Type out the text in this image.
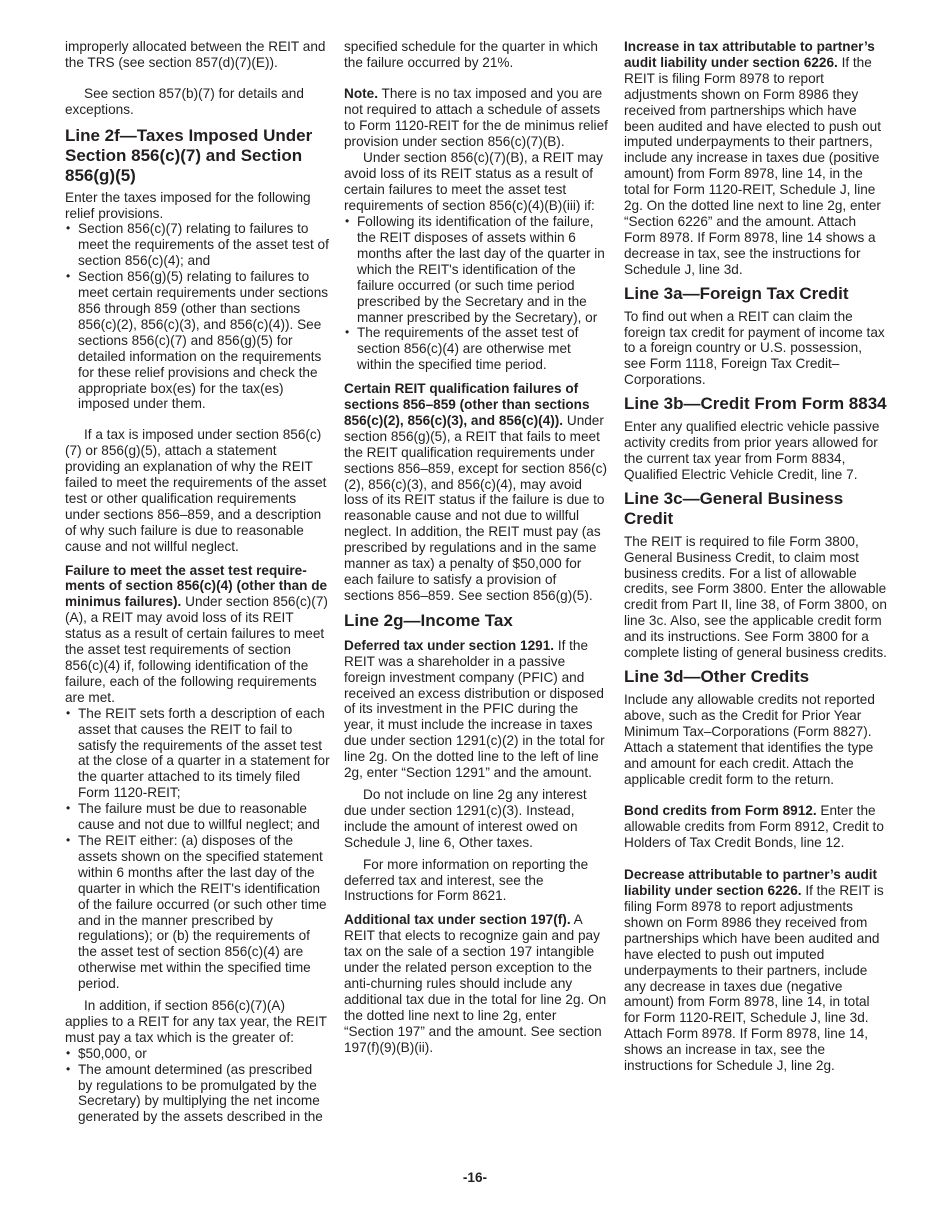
improperly allocated between the REIT and the TRS (see section 857(d)(7)(E)).

See section 857(b)(7) for details and exceptions.

Line 2f—Taxes Imposed Under Section 856(c)(7) and Section 856(g)(5)

Enter the taxes imposed for the following relief provisions.

• Section 856(c)(7) relating to failures to meet the requirements of the asset test of section 856(c)(4); and

• Section 856(g)(5) relating to failures to meet certain requirements under sections 856 through 859 (other than sections 856(c)(2), 856(c)(3), and 856(c)(4)). See sections 856(c)(7) and 856(g)(5) for detailed information on the requirements for these relief provisions and check the appropriate box(es) for the tax(es) imposed under them.

If a tax is imposed under section 856(c)(7) or 856(g)(5), attach a statement providing an explanation of why the REIT failed to meet the requirements of the asset test or other qualification requirements under sections 856–859, and a description of why such failure is due to reasonable cause and not willful neglect.

Failure to meet the asset test requirements of section 856(c)(4) (other than de minimus failures). Under section 856(c)(7)(A), a REIT may avoid loss of its REIT status as a result of certain failures to meet the asset test requirements of section 856(c)(4) if, following identification of the failure, each of the following requirements are met.

• The REIT sets forth a description of each asset that causes the REIT to fail to satisfy the requirements of the asset test at the close of a quarter in a statement for the quarter attached to its timely filed Form 1120-REIT;

• The failure must be due to reasonable cause and not due to willful neglect; and

• The REIT either: (a) disposes of the assets shown on the specified statement within 6 months after the last day of the quarter in which the REIT's identification of the failure occurred (or such other time and in the manner prescribed by regulations); or (b) the requirements of the asset test of section 856(c)(4) are otherwise met within the specified time period.

In addition, if section 856(c)(7)(A) applies to a REIT for any tax year, the REIT must pay a tax which is the greater of:

• $50,000, or

• The amount determined (as prescribed by regulations to be promulgated by the Secretary) by multiplying the net income generated by the assets described in the

specified schedule for the quarter in which the failure occurred by 21%.

Note. There is no tax imposed and you are not required to attach a schedule of assets to Form 1120-REIT for the de minimus relief provision under section 856(c)(7)(B).

Under section 856(c)(7)(B), a REIT may avoid loss of its REIT status as a result of certain failures to meet the asset test requirements of section 856(c)(4)(B)(iii) if:

• Following its identification of the failure, the REIT disposes of assets within 6 months after the last day of the quarter in which the REIT's identification of the failure occurred (or such time period prescribed by the Secretary and in the manner prescribed by the Secretary), or

• The requirements of the asset test of section 856(c)(4) are otherwise met within the specified time period.

Certain REIT qualification failures of sections 856–859 (other than sections 856(c)(2), 856(c)(3), and 856(c)(4)). Under section 856(g)(5), a REIT that fails to meet the REIT qualification requirements under sections 856–859, except for section 856(c)(2), 856(c)(3), and 856(c)(4), may avoid loss of its REIT status if the failure is due to reasonable cause and not due to willful neglect. In addition, the REIT must pay (as prescribed by regulations and in the same manner as tax) a penalty of $50,000 for each failure to satisfy a provision of sections 856–859. See section 856(g)(5).

Line 2g—Income Tax

Deferred tax under section 1291. If the REIT was a shareholder in a passive foreign investment company (PFIC) and received an excess distribution or disposed of its investment in the PFIC during the year, it must include the increase in taxes due under section 1291(c)(2) in the total for line 2g. On the dotted line to the left of line 2g, enter “Section 1291” and the amount.

Do not include on line 2g any interest due under section 1291(c)(3). Instead, include the amount of interest owed on Schedule J, line 6, Other taxes.

For more information on reporting the deferred tax and interest, see the Instructions for Form 8621.

Additional tax under section 197(f). A REIT that elects to recognize gain and pay tax on the sale of a section 197 intangible under the related person exception to the anti-churning rules should include any additional tax due in the total for line 2g. On the dotted line next to line 2g, enter “Section 197” and the amount. See section 197(f)(9)(B)(ii).

Increase in tax attributable to partner’s audit liability under section 6226. If the REIT is filing Form 8978 to report adjustments shown on Form 8986 they received from partnerships which have been audited and have elected to push out imputed underpayments to their partners, include any increase in taxes due (positive amount) from Form 8978, line 14, in the total for Form 1120-REIT, Schedule J, line 2g. On the dotted line next to line 2g, enter “Section 6226” and the amount. Attach Form 8978. If Form 8978, line 14 shows a decrease in tax, see the instructions for Schedule J, line 3d.

Line 3a—Foreign Tax Credit

To find out when a REIT can claim the foreign tax credit for payment of income tax to a foreign country or U.S. possession, see Form 1118, Foreign Tax Credit–Corporations.

Line 3b—Credit From Form 8834

Enter any qualified electric vehicle passive activity credits from prior years allowed for the current tax year from Form 8834, Qualified Electric Vehicle Credit, line 7.

Line 3c—General Business Credit

The REIT is required to file Form 3800, General Business Credit, to claim most business credits. For a list of allowable credits, see Form 3800. Enter the allowable credit from Part II, line 38, of Form 3800, on line 3c. Also, see the applicable credit form and its instructions. See Form 3800 for a complete listing of general business credits.

Line 3d—Other Credits

Include any allowable credits not reported above, such as the Credit for Prior Year Minimum Tax–Corporations (Form 8827). Attach a statement that identifies the type and amount for each credit. Attach the applicable credit form to the return.

Bond credits from Form 8912. Enter the allowable credits from Form 8912, Credit to Holders of Tax Credit Bonds, line 12.

Decrease attributable to partner’s audit liability under section 6226. If the REIT is filing Form 8978 to report adjustments shown on Form 8986 they received from partnerships which have been audited and have elected to push out imputed underpayments to their partners, include any decrease in taxes due (negative amount) from Form 8978, line 14, in total for Form 1120-REIT, Schedule J, line 3d. Attach Form 8978. If Form 8978, line 14, shows an increase in tax, see the instructions for Schedule J, line 2g.

-16-
